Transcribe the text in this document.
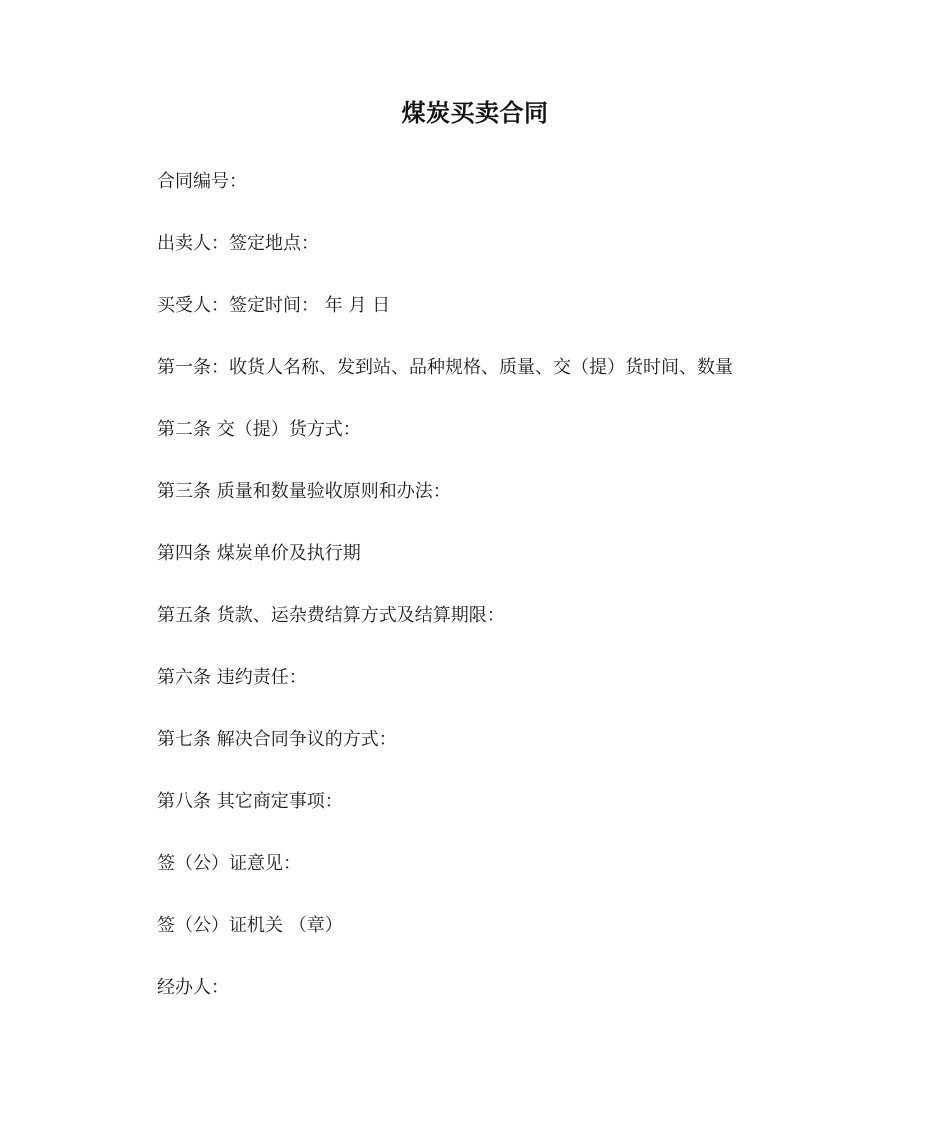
煤炭买卖合同
合同编号：
出卖人：签定地点：
买受人：签定时间： 年 月 日
第一条：收货人名称、发到站、品种规格、质量、交（提）货时间、数量
第二条 交（提）货方式：
第三条 质量和数量验收原则和办法：
第四条 煤炭单价及执行期
第五条 货款、运杂费结算方式及结算期限：
第六条 违约责任：
第七条 解决合同争议的方式：
第八条 其它商定事项：
签（公）证意见：
签（公）证机关 （章）
经办人：
